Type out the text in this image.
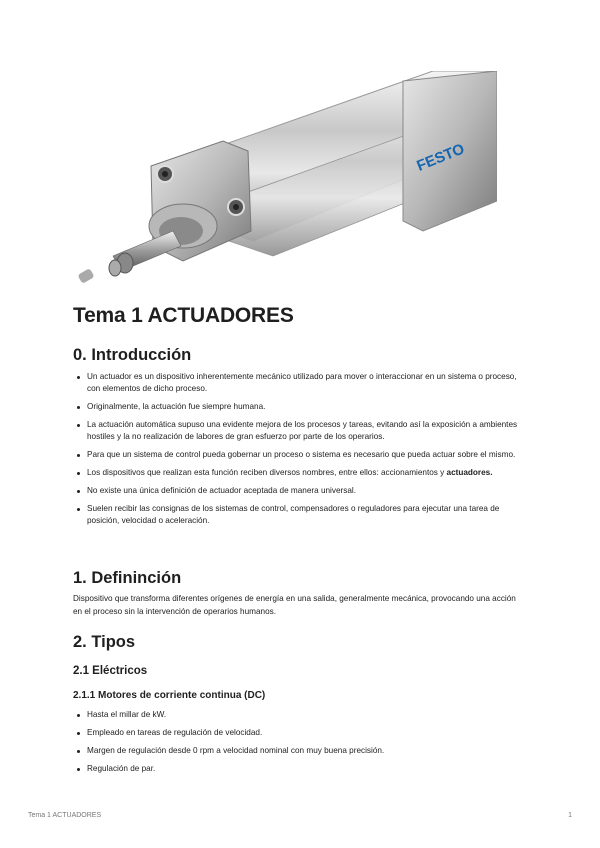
FESTO
Tema 1 ACTUADORES
0. Introducción
Un actuador es un dispositivo inherentemente mecánico utilizado para mover o interaccionar en un sistema o proceso, con elementos de dicho proceso.
Originalmente, la actuación fue siempre humana.
La actuación automática supuso una evidente mejora de los procesos y tareas, evitando así la exposición a ambientes hostiles y la no realización de labores de gran esfuerzo por parte de los operarios.
Para que un sistema de control pueda gobernar un proceso o sistema es necesario que pueda actuar sobre el mismo.
Los dispositivos que realizan esta función reciben diversos nombres, entre ellos: accionamientos y actuadores.
No existe una única definición de actuador aceptada de manera universal.
Suelen recibir las consignas de los sistemas de control, compensadores o reguladores para ejecutar una tarea de posición, velocidad o aceleración.
1. Defininción

Dispositivo que transforma diferentes orígenes de energía en una salida, generalmente mecánica, provocando una acción en el proceso sin la intervención de operarios humanos.

2. Tipos
2.1 Eléctricos
2.1.1 Motores de corriente continua (DC)
Hasta el millar de kW.
Empleado en tareas de regulación de velocidad.
Margen de regulación desde 0 rpm a velocidad nominal con muy buena precisión.
Regulación de par.
Tema 1 ACTUADORES	1
